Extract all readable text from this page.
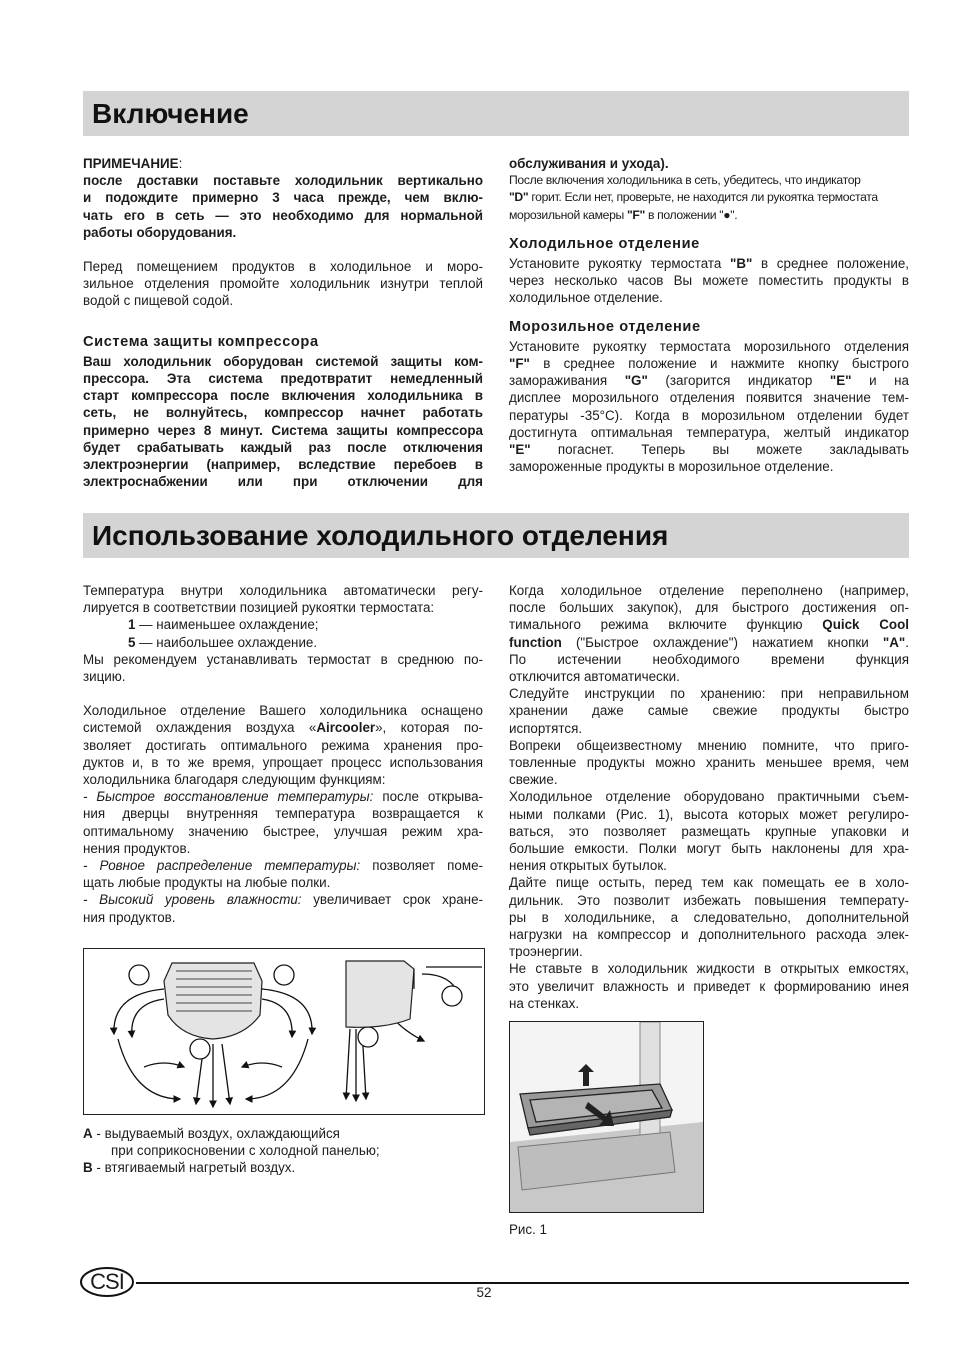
Включение

ПРИМЕЧАНИЕ:

после доставки поставьте холодильник вертикально

и подождите примерно 3 часа прежде, чем вклю-

чать его в сеть — это необходимо для нормальной

работы оборудования.

Перед помещением продуктов в холодильное и моро-

зильное отделения промойте холодильник изнутри теплой

водой с пищевой содой.

Система защиты компрессора

Ваш холодильник оборудован системой защиты ком-

прессора. Эта система предотвратит немедленный

старт компрессора после включения холодильника в

сеть, не волнуйтесь, компрессор начнет работать

примерно через 8 минут. Система защиты компрессора

будет срабатывать каждый раз после отключения

электроэнергии (например, вследствие перебоев в

электроснабжении или при отключении для

обслуживания и ухода).

После включения холодильника в сеть, убедитесь, что индикатор

"D" горит. Если нет, проверьте, не находится ли рукоятка термостата

морозильной камеры "F" в положении "●".

Холодильное отделение

Установите рукоятку термостата "B" в среднее положение,

через несколько часов Вы можете поместить продукты в

холодильное отделение.

Морозильное отделение

Установите рукоятку термостата морозильного отделения

"F" в среднее положение и нажмите кнопку быстрого

замораживания "G" (загорится индикатор "E" и на

дисплее морозильного отделения появится значение тем-

пературы -35°C). Когда в морозильном отделении будет

достигнута оптимальная температура, желтый индикатор

"E" погаснет. Теперь вы можете закладывать

замороженные продукты в морозильное отделение.

Использование холодильного отделения

Температура внутри холодильника автоматически регу-

лируется в соответствии позицией рукоятки термостата:

1 — наименьшее охлаждение;

5 — наибольшее охлаждение.

Мы рекомендуем устанавливать термостат в среднюю по-

зицию.

Холодильное отделение Вашего холодильника оснащено

системой охлаждения воздуха «Aircooler», которая по-

зволяет достигать оптимального режима хранения про-

дуктов и, в то же время, упрощает процесс использования

холодильника благодаря следующим функциям:

- Быстрое восстановление температуры: после открыва-

ния дверцы внутренняя температура возвращается к

оптимальному значению быстрее, улучшая режим хра-

нения продуктов.

- Ровное распределение температуры: позволяет поме-

щать любые продукты на любые полки.

- Высокий уровень влажности: увеличивает срок хране-

ния продуктов.

A - выдуваемый воздух, охлаждающийся

при соприкосновении с холодной панелью;

B - втягиваемый нагретый воздух.

Когда холодильное отделение переполнено (например,

после больших закупок), для быстрого достижения оп-

тимального режима включите функцию Quick Cool

function ("Быстрое охлаждение") нажатием кнопки "A".

По истечении необходимого времени функция

отключится автоматически.

Следуйте инструкции по хранению: при неправильном

хранении даже самые свежие продукты быстро

испортятся.

Вопреки общеизвестному мнению помните, что приго-

товленные продукты можно хранить меньшее время, чем

свежие.

Холодильное отделение оборудовано практичными съем-

ными полками (Рис. 1), высота которых может регулиро-

ваться, это позволяет размещать крупные упаковки и

большие емкости. Полки могут быть наклонены для хра-

нения открытых бутылок.

Дайте пище остыть, перед тем как помещать ее в холо-

дильник. Это позволит избежать повышения температу-

ры в холодильнике, а следовательно, дополнительной

нагрузки на компрессор и дополнительного расхода элек-

троэнергии.

Не ставьте в холодильник жидкости в открытых емкостях,

это увеличит влажность и приведет к формированию инея

на стенках.

Рис. 1
CSI	52
